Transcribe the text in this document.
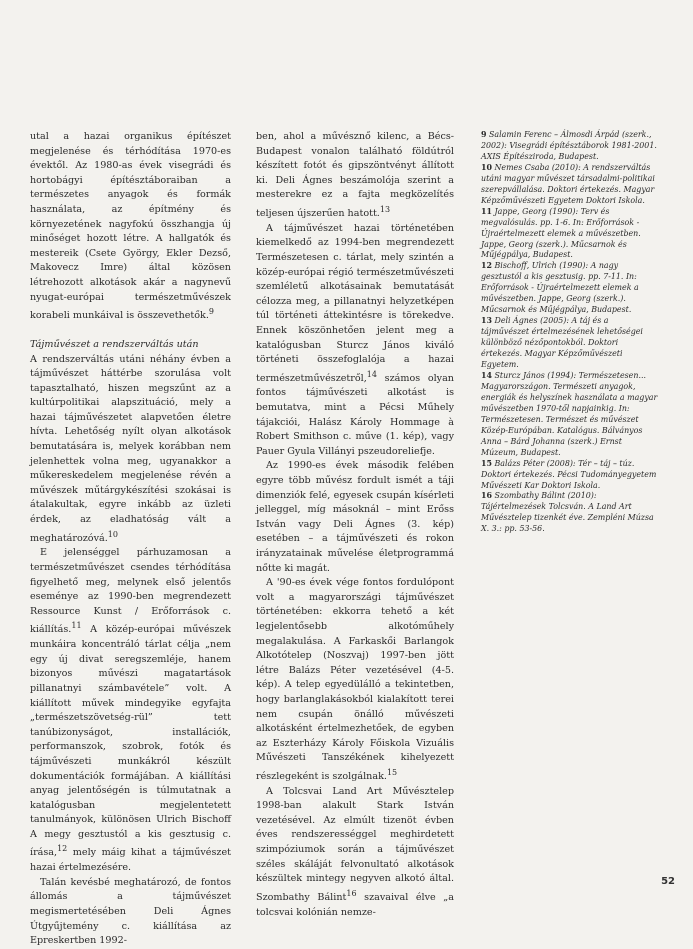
utal a hazai organikus építészet megjelenése és térhódítása 1970-es évektől. Az 1980-as évek visegrádi és hortobágyi építésztáboraiban a természetes anyagok és formák használata, az építmény és környezetének nagyfokú összhangja új minőséget hozott létre. A hallgatók és mestereik (Csete György, Ekler Dezső, Makovecz Imre) által közösen létrehozott alkotások akár a nagynevű nyugat-európai természetművészek korabeli munkáival is összevethetők.$^9$

Tájművészet a rendszerváltás után

A rendszerváltás utáni néhány évben a tájművészet háttérbe szorulása volt tapasztalható, hiszen megszűnt az a kultúrpolitikai alapszituáció, mely a hazai tájművészetet alapvetően életre hívta. Lehetőség nyílt olyan alkotások bemutatására is, melyek korábban nem jelenhettek volna meg, ugyanakkor a műkereskedelem megjelenése révén a művészek műtárgykészítési szokásai is átalakultak, egyre inkább az üzleti érdek, az eladhatóság vált a meghatározóvá.$^{10}$

E jelenséggel párhuzamosan a természetművészet csendes térhódítása figyelhető meg, melynek első jelentős eseménye az 1990-ben megrendezett Ressource Kunst / Erőforrások c. kiállítás.$^{11}$ A közép-európai művészek munkáira koncentráló tárlat célja „nem egy új divat seregszemléje, hanem bizonyos művészi magatartások pillanatnyi számbavétele” volt. A kiállított művek mindegyike egyfajta „természetszövetség-rül” tett tanúbizonyságot, installációk, performanszok, szobrok, fotók és tájművészeti munkákról készült dokumentációk formájában. A kiállítási anyag jelentőségén is túlmutatnak a katalógusban megjelentetett tanulmányok, különösen Ulrich Bischoff A megy gesztustól a kis gesztusig c. írása,$^{12}$ mely máig kihat a tájművészet hazai értelmezésére.

Talán kevésbé meghatározó, de fontos állomás a tájművészet megismertetésében Deli Ágnes Útgyűjtemény c. kiállítása az Epreskertben 1992-

ben, ahol a művésznő kilenc, a Bécs-Budapest vonalon található földútról készített fotót és gipszöntvényt állított ki. Deli Ágnes beszámolója szerint a mesterekre ez a fajta megközelítés teljesen újszerűen hatott.$^{13}$

A tájművészet hazai történetében kiemelkedő az 1994-ben megrendezett Természetesen c. tárlat, mely szintén a közép-európai régió természetművészeti szemléletű alkotásainak bemutatását célozza meg, a pillanatnyi helyzetképen túl történeti áttekintésre is törekedve. Ennek köszönhetően jelent meg a katalógusban Sturcz János kiváló történeti összefoglalója a hazai természetművészetről,$^{14}$ számos olyan fontos tájművészeti alkotást is bemutatva, mint a Pécsi Műhely tájakciói, Halász Károly Hommage à Robert Smithson c. műve (1. kép), vagy Pauer Gyula Villányi pszeudoreliefje.

Az 1990-es évek második felében egyre több művész fordult ismét a táji dimenziók felé, egyesek csupán kísérleti jelleggel, míg másoknál – mint Erőss István vagy Deli Ágnes (3. kép) esetében – a tájművészeti és rokon irányzatainak művelése életprogrammá nőtte ki magát.

A '90-es évek vége fontos fordulópont volt a magyarországi tájművészet történetében: ekkorra tehető a két legjelentősebb alkotóműhely megalakulása. A Farkaskői Barlangok Alkotótelep (Noszvaj) 1997-ben jött létre Balázs Péter vezetésével (4-5. kép). A telep egyedülálló a tekintetben, hogy barlanglakásokból kialakított terei nem csupán önálló művészeti alkotásként értelmezhetőek, de egyben az Eszterházy Károly Főiskola Vizuális Művészeti Tanszékének kihelyezett részlegeként is szolgálnak.$^{15}$

A Tolcsvai Land Art Művésztelep 1998-ban alakult Stark István vezetésével. Az elmúlt tizenöt évben éves rendszerességgel meghirdetett szimpóziumok során a tájművészet széles skáláját felvonultató alkotások készültek mintegy negyven alkotó által. Szombathy Bálint$^{16}$ szavaival élve „a tolcsvai kolónián nemze-

9 Salamin Ferenc – Álmosdi Árpád (szerk., 2002): Visegrádi építésztáborok 1981-2001. AXIS Építésziroda, Budapest.

10 Nemes Csaba (2010): A rendszerváltás utáni magyar művészet társadalmi-politikai szerepvállalása. Doktori értekezés. Magyar Képzőművészeti Egyetem Doktori Iskola.

11 Jappe, Georg (1990): Terv és megvalósulás. pp. 1-6. In: Erőforrások - Újraértelmezett elemek a művészetben. Jappe, Georg (szerk.). Műcsarnok és Műjégpálya, Budapest.

12 Bischoff, Ulrich (1990): A nagy gesztustól a kis gesztusig. pp. 7-11. In: Erőforrások - Újraértelmezett elemek a művészetben. Jappe, Georg (szerk.). Műcsarnok és Műjégpálya, Budapest.

13 Deli Ágnes (2005): A táj és a tájművészet értelmezésének lehetőségei különböző nézőpontokból. Doktori értekezés. Magyar Képzőművészeti Egyetem.

14 Sturcz János (1994): Természetesen... Magyarországon. Természeti anyagok, energiák és helyszínek használata a magyar művészetben 1970-től napjainkig. In: Természetesen. Természet és művészet Közép-Európában. Katalógus. Bálványos Anna – Bárd Johanna (szerk.) Ernst Múzeum, Budapest.

15 Balázs Péter (2008): Tér – táj – túz. Doktori értekezés. Pécsi Tudományegyetem Művészeti Kar Doktori Iskola.

16 Szombathy Bálint (2010): Tájértelmezések Tolcsván. A Land Art Művésztelep tizenkét éve. Zempléni Múzsa X. 3.: pp. 53-56.

52
